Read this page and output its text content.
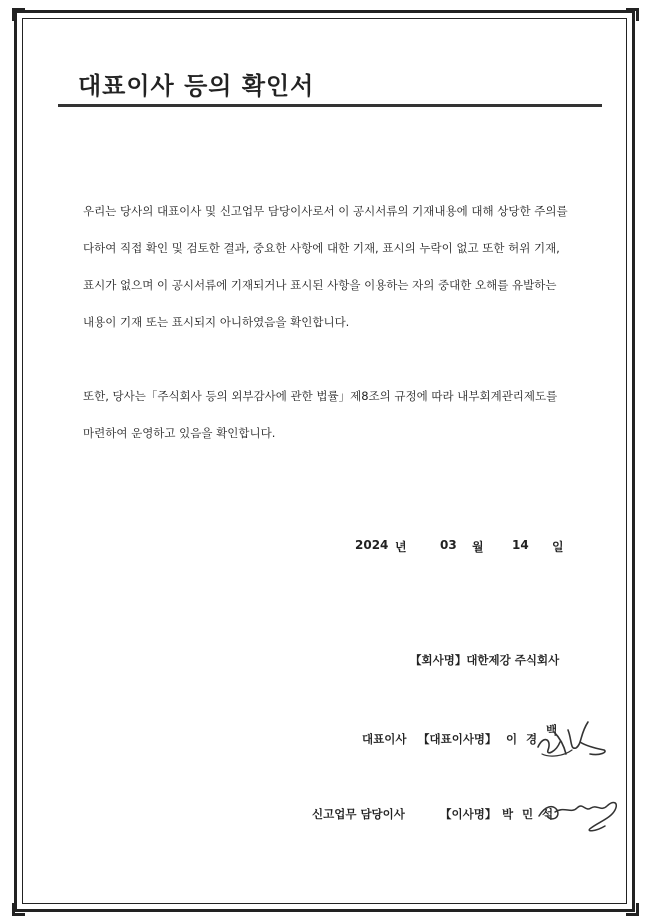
대표이사 등의 확인서
우리는 당사의 대표이사 및 신고업무 담당이사로서 이 공시서류의 기재내용에 대해 상당한 주의를
다하여 직접 확인 및 검토한 결과, 중요한 사항에 대한 기재, 표시의 누락이 없고 또한 허위 기재,
표시가 없으며 이 공시서류에 기재되거나 표시된 사항을 이용하는 자의 중대한 오해를 유발하는
내용이 기재 또는 표시되지 아니하였음을 확인합니다.
또한, 당사는「주식회사 등의 외부감사에 관한 법률」제8조의 규정에 따라 내부회계관리제도를
마련하여 운영하고 있음을 확인합니다.
2024 년	03 월 14 일
【회사명】대한제강 주식회사
대표이사 【대표이사명】 이 경
백
신고업무 담당이사	【이사명】 박 민 석
